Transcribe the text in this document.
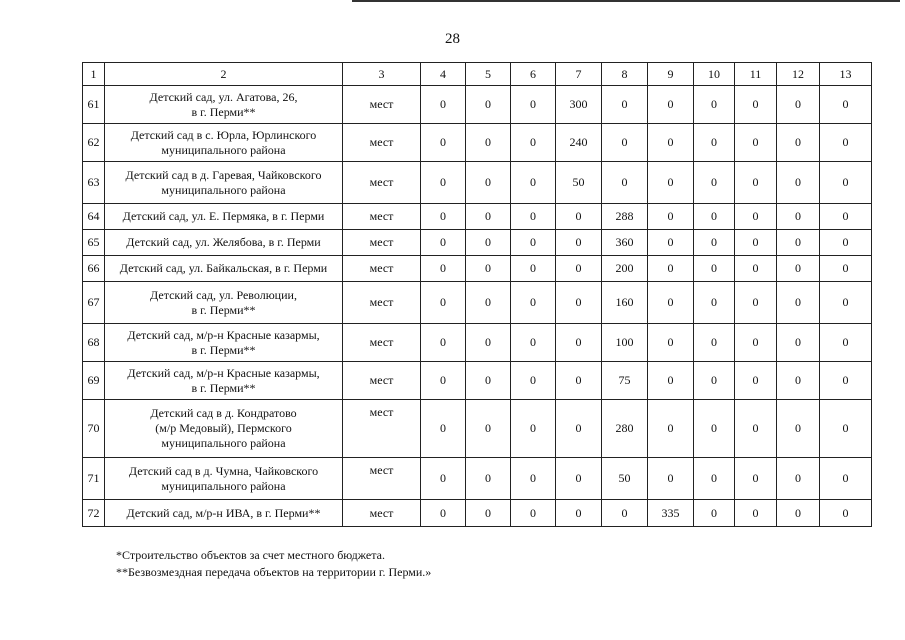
28
1	2	3	4	5	6	7	8	9	10	11	12	13
61	Детский сад, ул. Агатова, 26,
в г. Перми**	мест	0	0	0	300	0	0	0	0	0	0
62	Детский сад в с. Юрла, Юрлинского
муниципального района	мест	0	0	0	240	0	0	0	0	0	0
63	Детский сад в д. Гаревая, Чайковского
муниципального района	мест	0	0	0	50	0	0	0	0	0	0
64	Детский сад, ул. Е. Пермяка, в г. Перми	мест	0	0	0	0	288	0	0	0	0	0
65	Детский сад, ул. Желябова, в г. Перми	мест	0	0	0	0	360	0	0	0	0	0
66	Детский сад, ул. Байкальская, в г. Перми	мест	0	0	0	0	200	0	0	0	0	0
67	Детский сад, ул. Революции,
в г. Перми**	мест	0	0	0	0	160	0	0	0	0	0
68	Детский сад, м/р-н Красные казармы,
в г. Перми**	мест	0	0	0	0	100	0	0	0	0	0
69	Детский сад, м/р-н Красные казармы,
в г. Перми**	мест	0	0	0	0	75	0	0	0	0	0
70	Детский сад в д. Кондратово
(м/р Медовый), Пермского
муниципального района	мест	0	0	0	0	280	0	0	0	0	0
71	Детский сад в д. Чумна, Чайковского
муниципального района	мест	0	0	0	0	50	0	0	0	0	0
72	Детский сад, м/р-н ИВА, в г. Перми**	мест	0	0	0	0	0	335	0	0	0	0
*Строительство объектов за счет местного бюджета.
**Безвозмездная передача объектов на территории г. Перми.»
